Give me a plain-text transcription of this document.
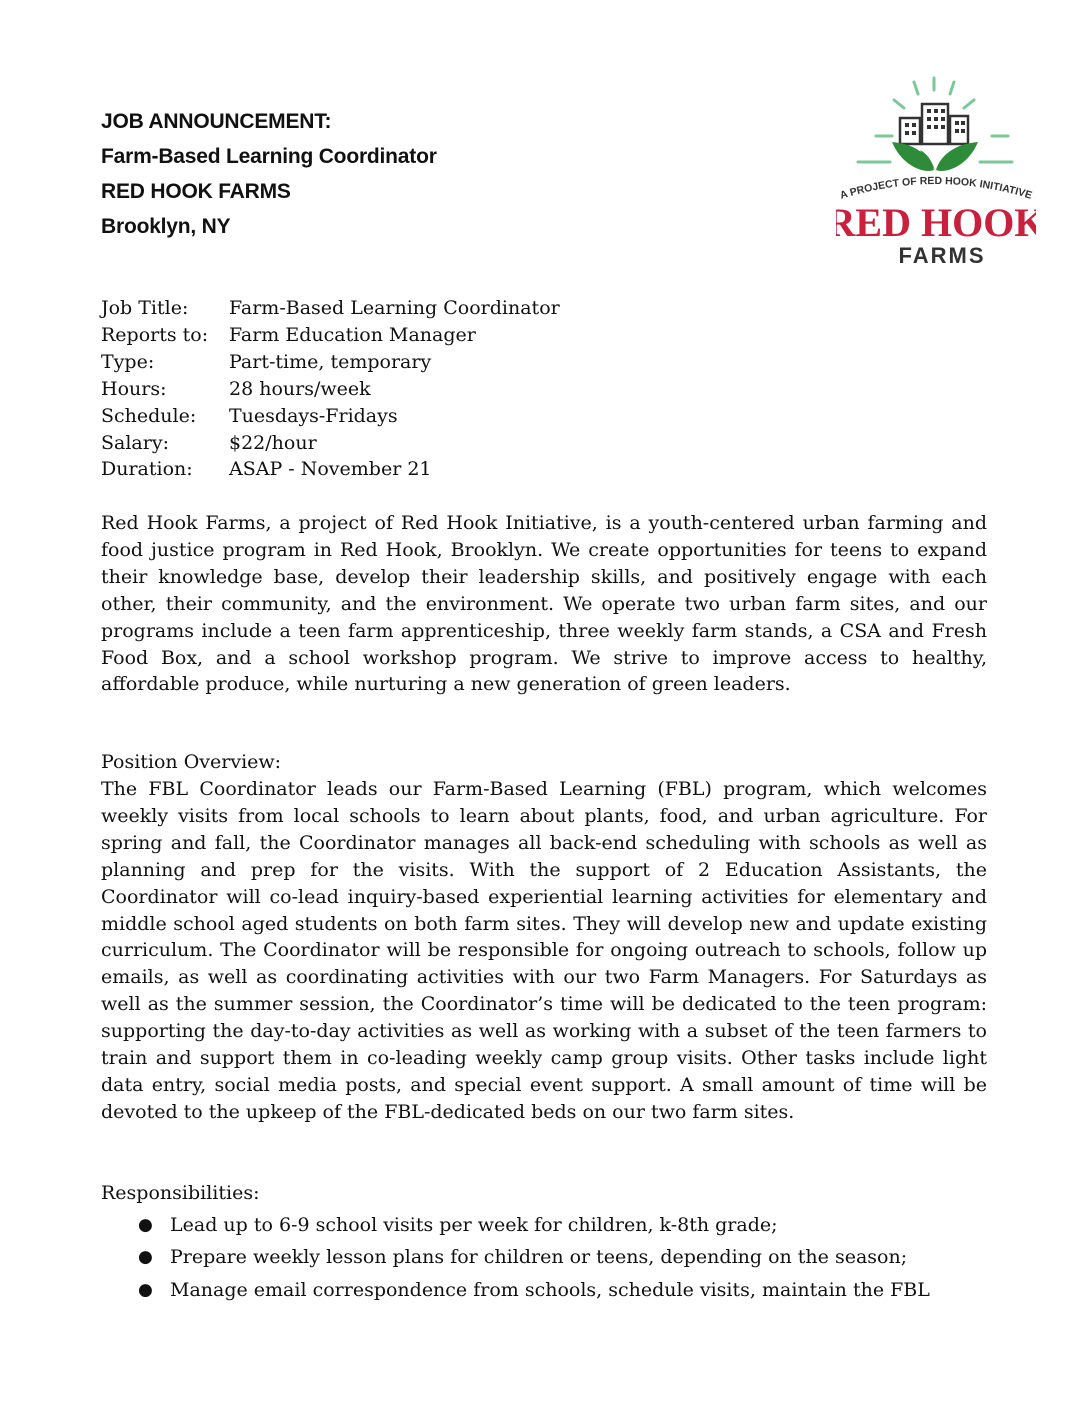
JOB ANNOUNCEMENT:
Farm-Based Learning Coordinator
RED HOOK FARMS
Brooklyn, NY
A PROJECT OF RED HOOK INITIATIVE
RED HOOK
FARMS
Job Title:	Farm-Based Learning Coordinator
Reports to:	Farm Education Manager
Type:	Part-time, temporary
Hours:	28 hours/week
Schedule:	Tuesdays-Fridays
Salary:	$22/hour
Duration:	ASAP - November 21

Red Hook Farms, a project of Red Hook Initiative, is a youth-centered urban farming and food justice program in Red Hook, Brooklyn. We create opportunities for teens to expand their knowledge base, develop their leadership skills, and positively engage with each other, their community, and the environment. We operate two urban farm sites, and our programs include a teen farm apprenticeship, three weekly farm stands, a CSA and Fresh Food Box, and a school workshop program. We strive to improve access to healthy, affordable produce, while nurturing a new generation of green leaders.

Position Overview:

The FBL Coordinator leads our Farm-Based Learning (FBL) program, which welcomes weekly visits from local schools to learn about plants, food, and urban agriculture. For spring and fall, the Coordinator manages all back-end scheduling with schools as well as planning and prep for the visits. With the support of 2 Education Assistants, the Coordinator will co-lead inquiry-based experiential learning activities for elementary and middle school aged students on both farm sites. They will develop new and update existing curriculum. The Coordinator will be responsible for ongoing outreach to schools, follow up emails, as well as coordinating activities with our two Farm Managers. For Saturdays as well as the summer session, the Coordinator’s time will be dedicated to the teen program: supporting the day-to-day activities as well as working with a subset of the teen farmers to train and support them in co-leading weekly camp group visits. Other tasks include light data entry, social media posts, and special event support. A small amount of time will be devoted to the upkeep of the FBL-dedicated beds on our two farm sites.

Responsibilities:
● Lead up to 6-9 school visits per week for children, k-8th grade;
● Prepare weekly lesson plans for children or teens, depending on the season;
● Manage email correspondence from schools, schedule visits, maintain the FBL
